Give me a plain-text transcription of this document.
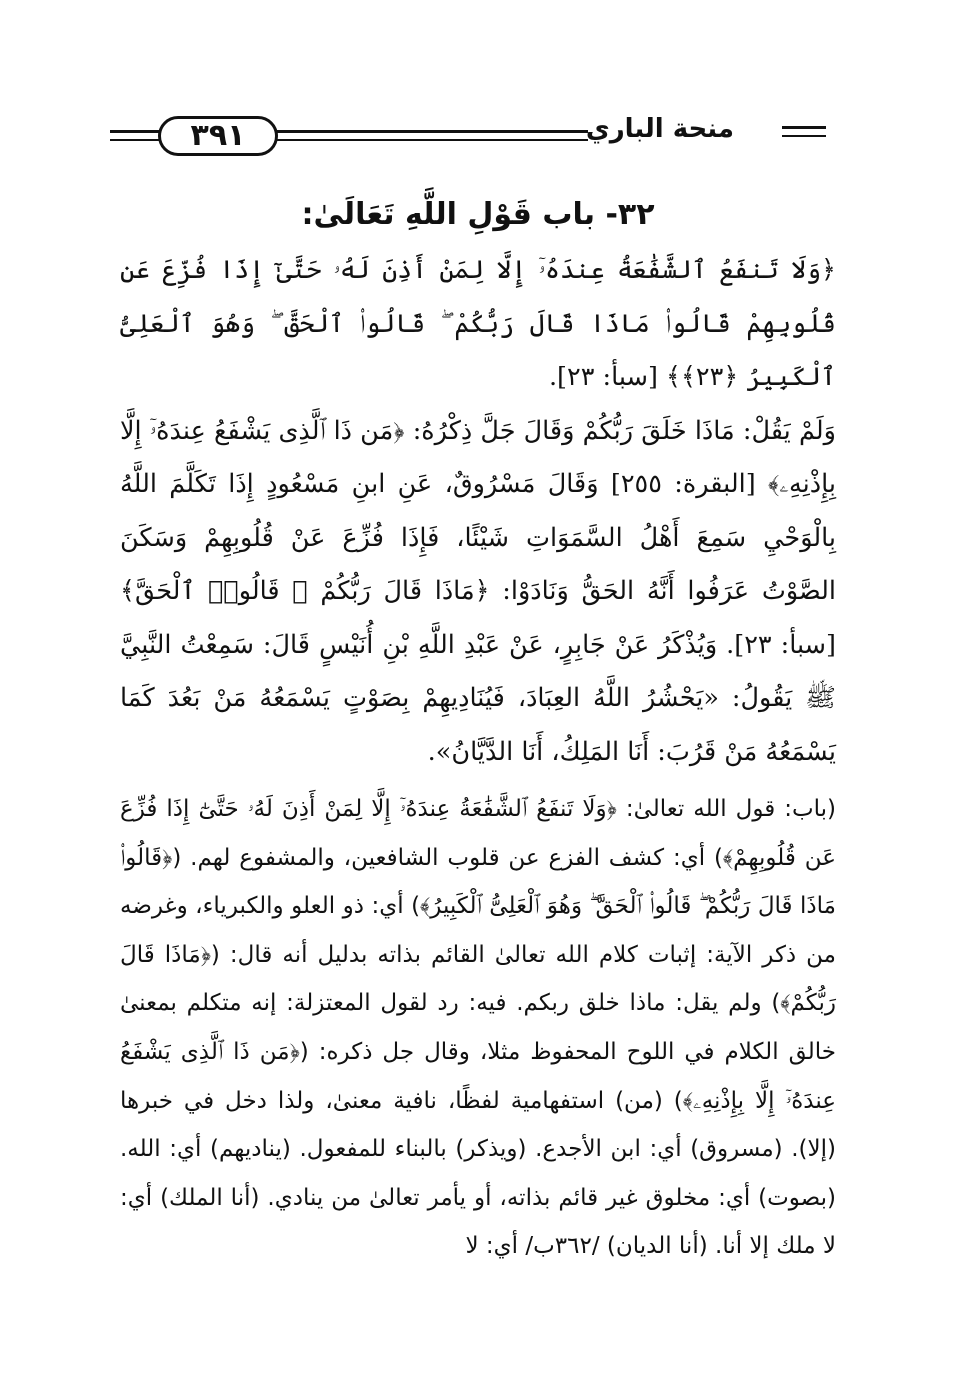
٣٩١	منحة الباري
٣٢- باب قَوْلِ اللَّهِ تَعَالَىٰ:

﴿وَلَا تَنفَعُ ٱلشَّفَٰعَةُ عِندَهُۥٓ إِلَّا لِمَنْ أَذِنَ لَهُۥ حَتَّىٰٓ إِذَا فُزِّعَ عَن قُلُوبِهِمْ قَالُوا۟ مَاذَا قَالَ رَبُّكُمْ ۖ قَالُوا۟ ٱلْحَقَّ ۖ وَهُوَ ٱلْعَلِىُّ ٱلْكَبِيرُ ﴿٢٣﴾﴾ [سبأ: ٢٣].

وَلَمْ يَقُلْ: مَاذَا خَلَقَ رَبُّكُمْ وَقَالَ جَلَّ ذِكْرُهُ: ﴿مَن ذَا ٱلَّذِى يَشْفَعُ عِندَهُۥٓ إِلَّا بِإِذْنِهِۦ﴾ [البقرة: ٢٥٥] وَقَالَ مَسْرُوقٌ، عَنِ ابنِ مَسْعُودٍ إِذَا تَكَلَّمَ اللَّهُ بِالْوَحْيِ سَمِعَ أَهْلُ السَّمَوَاتِ شَيْئًا، فَإِذَا فُزِّعَ عَنْ قُلُوبِهِمْ وَسَكَنَ الصَّوْتُ عَرَفُوا أَنَّهُ الحَقُّ وَنَادَوْا: ﴿مَاذَا قَالَ رَبُّكُمْ ۖ قَالُوا۟ ٱلْحَقَّ﴾ [سبأ: ٢٣]. وَيُذْكَرُ عَنْ جَابِرٍ، عَنْ عَبْدِ اللَّهِ بْنِ أُنَيْسٍ قَالَ: سَمِعْتُ النَّبِيَّ ﷺ يَقُولُ: «يَحْشُرُ اللَّهُ العِبَادَ، فَيُنَادِيهِمْ بِصَوْتٍ يَسْمَعُهُ مَنْ بَعُدَ كَمَا يَسْمَعُهُ مَنْ قَرُبَ: أَنَا المَلِكُ، أَنَا الدَّيَّانُ».

(باب: قول الله تعالىٰ: ﴿وَلَا تَنفَعُ ٱلشَّفَٰعَةُ عِندَهُۥٓ إِلَّا لِمَنْ أَذِنَ لَهُۥ حَتَّىٰٓ إِذَا فُزِّعَ عَن قُلُوبِهِمْ﴾) أي: كشف الفزع عن قلوب الشافعين، والمشفوع لهم. (﴿قَالُوا۟ مَاذَا قَالَ رَبُّكُمْ ۖ قَالُوا۟ ٱلْحَقَّ ۖ وَهُوَ ٱلْعَلِىُّ ٱلْكَبِيرُ﴾) أي: ذو العلو والكبرياء، وغرضه من ذكر الآية: إثبات كلام الله تعالىٰ القائم بذاته بدليل أنه قال: (﴿مَاذَا قَالَ رَبُّكُمْ﴾) ولم يقل: ماذا خلق ربكم. فيه: رد لقول المعتزلة: إنه متكلم بمعنىٰ خالق الكلام في اللوح المحفوظ مثلا، وقال جل ذكره: (﴿مَن ذَا ٱلَّذِى يَشْفَعُ عِندَهُۥٓ إِلَّا بِإِذْنِهِۦ﴾) (من) استفهامية لفظًا، نافية معنىٰ، ولذا دخل في خبرها (إلا). (مسروق) أي: ابن الأجدع. (ويذكر) بالبناء للمفعول. (يناديهم) أي: الله. (بصوت) أي: مخلوق غير قائم بذاته، أو يأمر تعالىٰ من ينادي. (أنا الملك) أي: لا ملك إلا أنا. (أنا الديان) /٣٦٢ب/ أي: لا
